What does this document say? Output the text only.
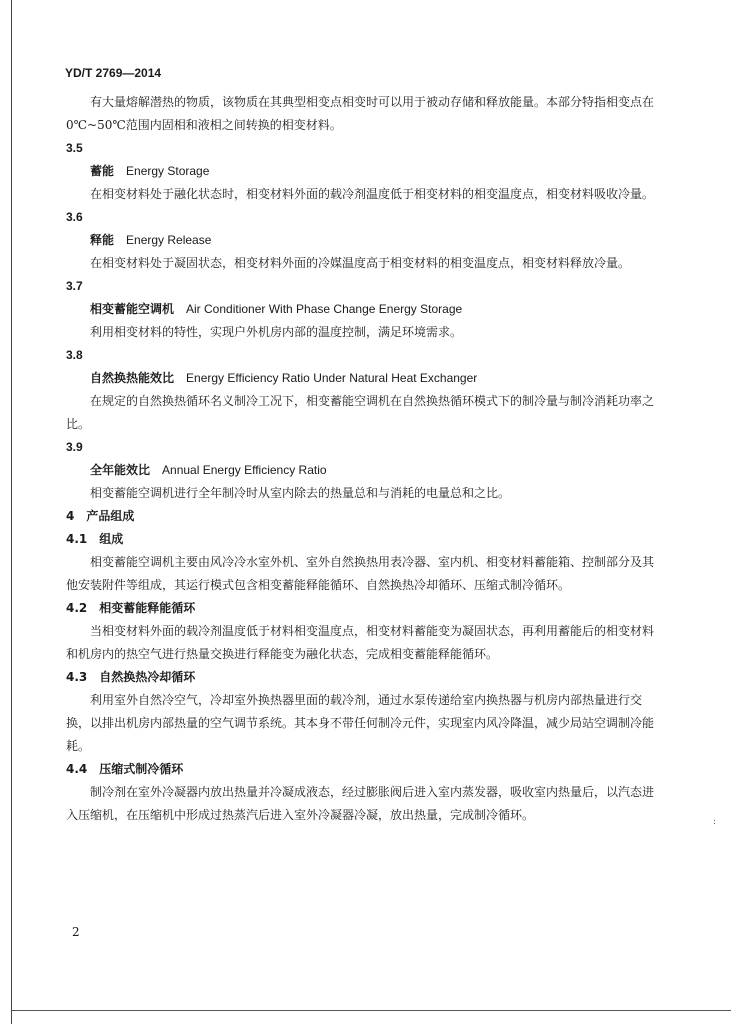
:
YD/T 2769—2014

有大量熔解潜热的物质，该物质在其典型相变点相变时可以用于被动存储和释放能量。本部分特指相变点在0℃~50℃范围内固相和液相之间转换的相变材料。

3.5
蓄能 Energy Storage

在相变材料处于融化状态时，相变材料外面的载冷剂温度低于相变材料的相变温度点，相变材料吸收冷量。

3.6
释能 Energy Release

在相变材料处于凝固状态，相变材料外面的冷媒温度高于相变材料的相变温度点，相变材料释放冷量。

3.7
相变蓄能空调机 Air Conditioner With Phase Change Energy Storage

利用相变材料的特性，实现户外机房内部的温度控制，满足环境需求。

3.8
自然换热能效比 Energy Efficiency Ratio Under Natural Heat Exchanger

在规定的自然换热循环名义制冷工况下，相变蓄能空调机在自然换热循环模式下的制冷量与制冷消耗功率之比。

3.9
全年能效比 Annual Energy Efficiency Ratio

相变蓄能空调机进行全年制冷时从室内除去的热量总和与消耗的电量总和之比。

4 产品组成
4.1 组成

相变蓄能空调机主要由风冷冷水室外机、室外自然换热用表冷器、室内机、相变材料蓄能箱、控制部分及其他安装附件等组成，其运行模式包含相变蓄能释能循环、自然换热冷却循环、压缩式制冷循环。

4.2 相变蓄能释能循环

当相变材料外面的载冷剂温度低于材料相变温度点，相变材料蓄能变为凝固状态，再利用蓄能后的相变材料和机房内的热空气进行热量交换进行释能变为融化状态，完成相变蓄能释能循环。

4.3 自然换热冷却循环

利用室外自然冷空气，冷却室外换热器里面的载冷剂，通过水泵传递给室内换热器与机房内部热量进行交换，以排出机房内部热量的空气调节系统。其本身不带任何制冷元件，实现室内风冷降温，减少局站空调制冷能耗。

4.4 压缩式制冷循环

制冷剂在室外冷凝器内放出热量并冷凝成液态，经过膨胀阀后进入室内蒸发器，吸收室内热量后，以汽态进入压缩机，在压缩机中形成过热蒸汽后进入室外冷凝器冷凝，放出热量，完成制冷循环。

2
